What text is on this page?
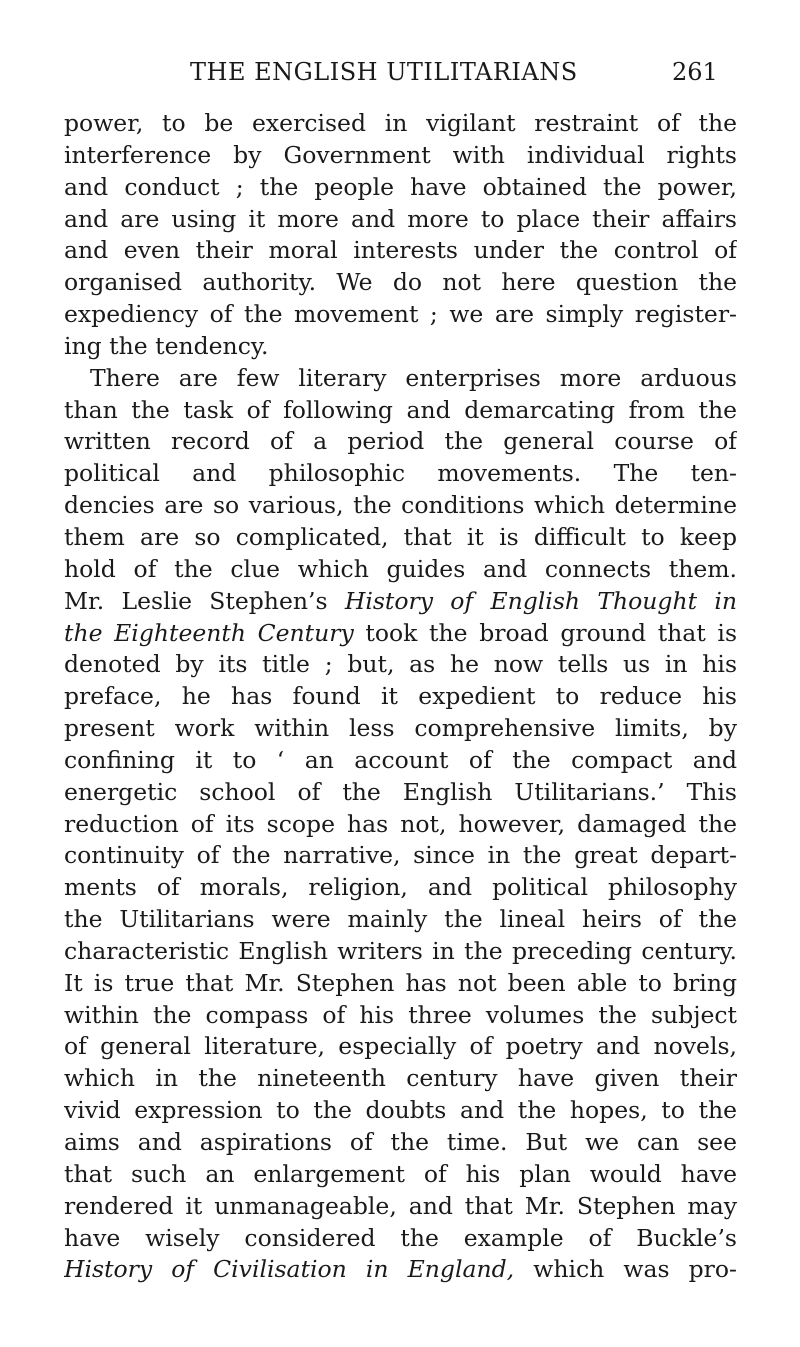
THE ENGLISH UTILITARIANS	261
power, to be exercised in vigilant restraint of the
interference by Government with individual rights
and conduct ; the people have obtained the power,
and are using it more and more to place their affairs
and even their moral interests under the control of
organised authority. We do not here question the
expediency of the movement ; we are simply register-
ing the tendency.
There are few literary enterprises more arduous
than the task of following and demarcating from the
written record of a period the general course of
political and philosophic movements. The ten-
dencies are so various, the conditions which determine
them are so complicated, that it is difficult to keep
hold of the clue which guides and connects them.
Mr. Leslie Stephen’s History of English Thought in
the Eighteenth Century took the broad ground that is
denoted by its title ; but, as he now tells us in his
preface, he has found it expedient to reduce his
present work within less comprehensive limits, by
confining it to ‘ an account of the compact and
energetic school of the English Utilitarians.’ This
reduction of its scope has not, however, damaged the
continuity of the narrative, since in the great depart-
ments of morals, religion, and political philosophy
the Utilitarians were mainly the lineal heirs of the
characteristic English writers in the preceding century.
It is true that Mr. Stephen has not been able to bring
within the compass of his three volumes the subject
of general literature, especially of poetry and novels,
which in the nineteenth century have given their
vivid expression to the doubts and the hopes, to the
aims and aspirations of the time. But we can see
that such an enlargement of his plan would have
rendered it unmanageable, and that Mr. Stephen may
have wisely considered the example of Buckle’s
History of Civilisation in England, which was pro-
